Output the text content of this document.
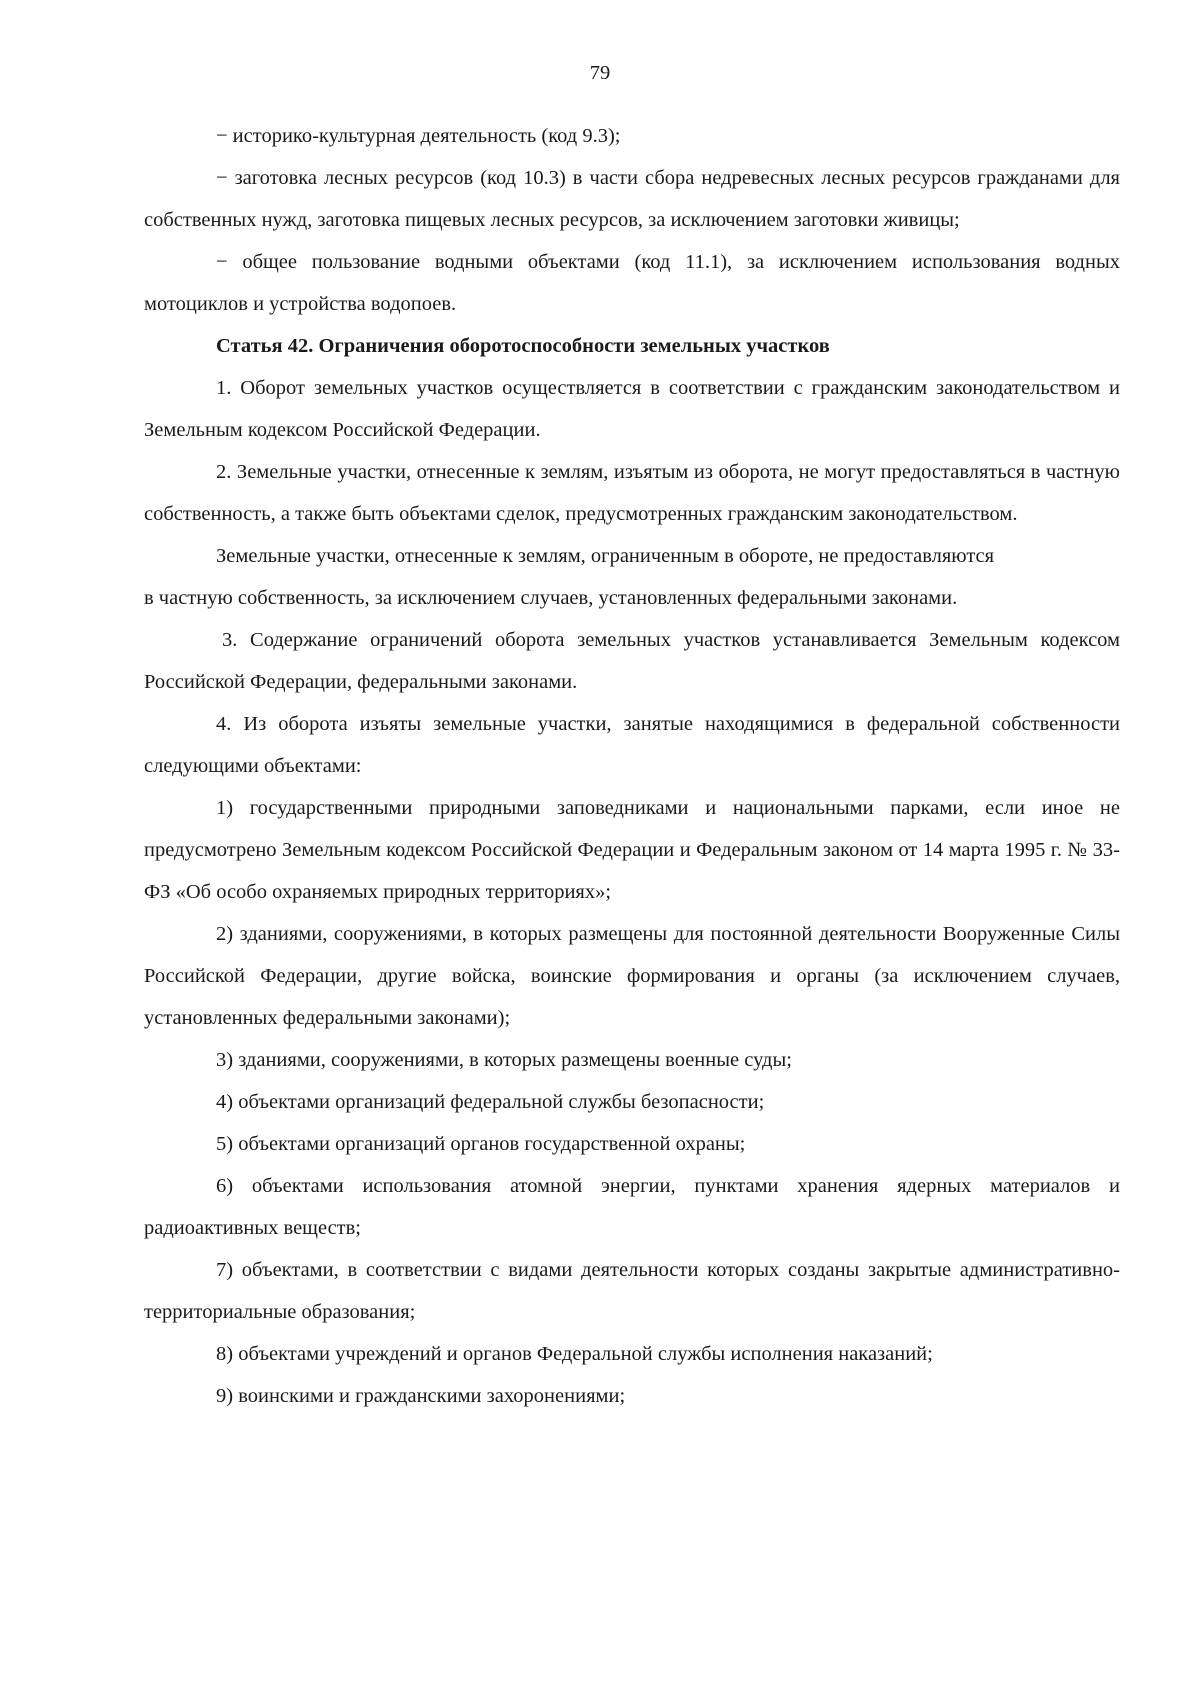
79

− историко-культурная деятельность (код 9.3);

− заготовка лесных ресурсов (код 10.3) в части сбора недревесных лесных ресурсов гражданами для собственных нужд, заготовка пищевых лесных ресурсов, за исключением заготовки живицы;

− общее пользование водными объектами (код 11.1), за исключением использования водных мотоциклов и устройства водопоев.

Статья 42. Ограничения оборотоспособности земельных участков

1. Оборот земельных участков осуществляется в соответствии с гражданским законодательством и Земельным кодексом Российской Федерации.

2. Земельные участки, отнесенные к землям, изъятым из оборота, не могут предоставляться в частную собственность, а также быть объектами сделок, предусмотренных гражданским законодательством.

Земельные участки, отнесенные к землям, ограниченным в обороте, не предоставляются

в частную собственность, за исключением случаев, установленных федеральными законами.

3. Содержание ограничений оборота земельных участков устанавливается Земельным кодексом Российской Федерации, федеральными законами.

4. Из оборота изъяты земельные участки, занятые находящимися в федеральной собственности следующими объектами:

1) государственными природными заповедниками и национальными парками, если иное не предусмотрено Земельным кодексом Российской Федерации и Федеральным законом от 14 марта 1995 г. № 33-ФЗ «Об особо охраняемых природных территориях»;

2) зданиями, сооружениями, в которых размещены для постоянной деятельности Вооруженные Силы Российской Федерации, другие войска, воинские формирования и органы (за исключением случаев, установленных федеральными законами);

3) зданиями, сооружениями, в которых размещены военные суды;

4) объектами организаций федеральной службы безопасности;

5) объектами организаций органов государственной охраны;

6) объектами использования атомной энергии, пунктами хранения ядерных материалов и радиоактивных веществ;

7) объектами, в соответствии с видами деятельности которых созданы закрытые административно-территориальные образования;

8) объектами учреждений и органов Федеральной службы исполнения наказаний;

9) воинскими и гражданскими захоронениями;
